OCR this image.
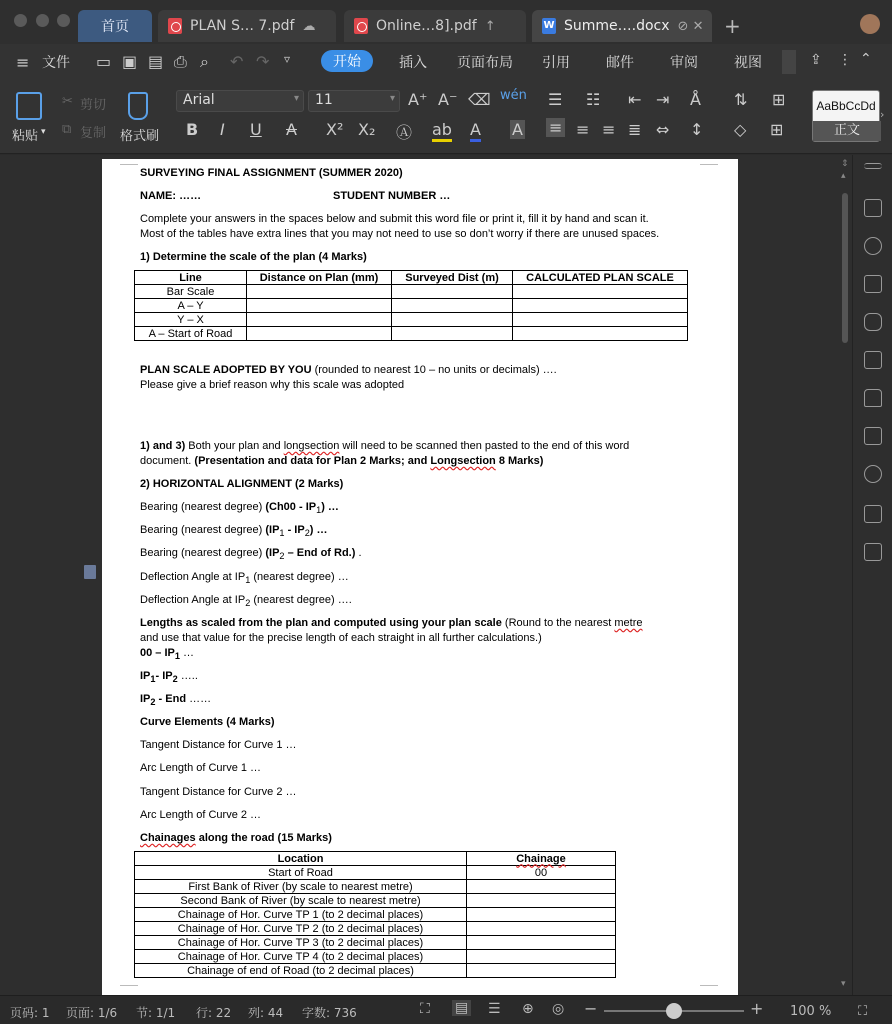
首页	PLAN S… 7.pdf ☁	Online…8].pdf ↑	W Summe….docx ⊘ ✕ +
≡ 文件 ▭ ▣ ▤ ⎙ ⌕ ↶ ↷ ▿	开始	插入 页面布局 引用	邮件	审阅	视图	⇪ ⋮ ⌃
粘贴 ▾
✂ 剪切
⧉ 复制 格式刷
Arial ▾	11 ▾	A⁺ A⁻ ⌫ wén
B I U A X² X₂ Ⓐ ab A A
☰ ☷ ⇤ ⇥ Å ⇅ ⊞
≡ ≡ ≡ ≣ ⇔ ↕ ◇ ⊞
AaBbCcDd
正文
›
SURVEYING FINAL ASSIGNMENT (SUMMER 2020)
NAME: ……	STUDENT NUMBER …
Complete your answers in the spaces below and submit this word file or print it, fill it by hand and scan it.
Most of the tables have extra lines that you may not need to use so don’t worry if there are unused spaces.
1) Determine the scale of the plan (4 Marks)
Line	Distance on Plan (mm)	Surveyed Dist (m)	CALCULATED PLAN SCALE
Bar Scale			
A – Y			
Y – X			
A – Start of Road			
PLAN SCALE ADOPTED BY YOU (rounded to nearest 10 – no units or decimals) ….
Please give a brief reason why this scale was adopted
1) and 3) Both your plan and longsection will need to be scanned then pasted to the end of this word
document. (Presentation and data for Plan 2 Marks; and Longsection 8 Marks)
2) HORIZONTAL ALIGNMENT (2 Marks)
Bearing (nearest degree) $(Ch00 - IP_1)$ …
Bearing (nearest degree) $(IP_1 - IP_2)$ …
Bearing (nearest degree) ($IP_2$ – End of Rd.) .
Deflection Angle at $IP_1$ (nearest degree) …
Deflection Angle at $IP_2$ (nearest degree) ….
Lengths as scaled from the plan and computed using your plan scale (Round to the nearest metre
and use that value for the precise length of each straight in all further calculations.)
$00 - IP_1$ …
$IP_1-$ $IP_2$ …..
$IP_2$ - End ……
Curve Elements (4 Marks)
Tangent Distance for Curve 1 …
Arc Length of Curve 1 …
Tangent Distance for Curve 2 …
Arc Length of Curve 2 …
Chainages along the road (15 Marks)
Location	Chainage
Start of Road	00
First Bank of River (by scale to nearest metre)	
Second Bank of River (by scale to nearest metre)	
Chainage of Hor. Curve TP 1 (to 2 decimal places)	
Chainage of Hor. Curve TP 2 (to 2 decimal places)	
Chainage of Hor. Curve TP 3 (to 2 decimal places)	
Chainage of Hor. Curve TP 4 (to 2 decimal places)	
Chainage of end of Road (to 2 decimal places)	
⇕
▴
▾
页码: 1 页面: 1/6 节: 1/1 行: 22 列: 44 字数: 736	⛶ ▤ ☰ ⊕ ◎ −	+ 100 % ⛶
